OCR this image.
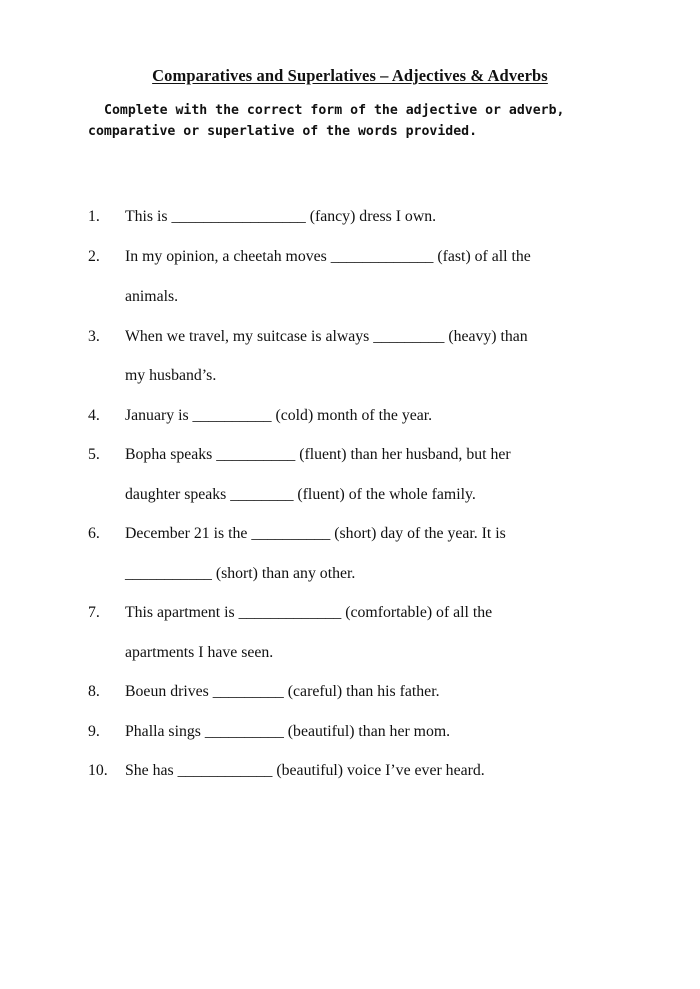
Comparatives and Superlatives – Adjectives & Adverbs
Complete with the correct form of the adjective or adverb,
comparative or superlative of the words provided.
1.	This is _________________ (fancy) dress I own.
2.	In my opinion, a cheetah moves _____________ (fast) of all the
animals.
3.	When we travel, my suitcase is always _________ (heavy) than
my husband’s.
4.	January is __________ (cold) month of the year.
5.	Bopha speaks __________ (fluent) than her husband, but her
daughter speaks ________ (fluent) of the whole family.
6.	December 21 is the __________ (short) day of the year. It is
___________ (short) than any other.
7.	This apartment is _____________ (comfortable) of all the
apartments I have seen.
8.	Boeun drives _________ (careful) than his father.
9.	Phalla sings __________ (beautiful) than her mom.
10.	She has ____________ (beautiful) voice I’ve ever heard.
